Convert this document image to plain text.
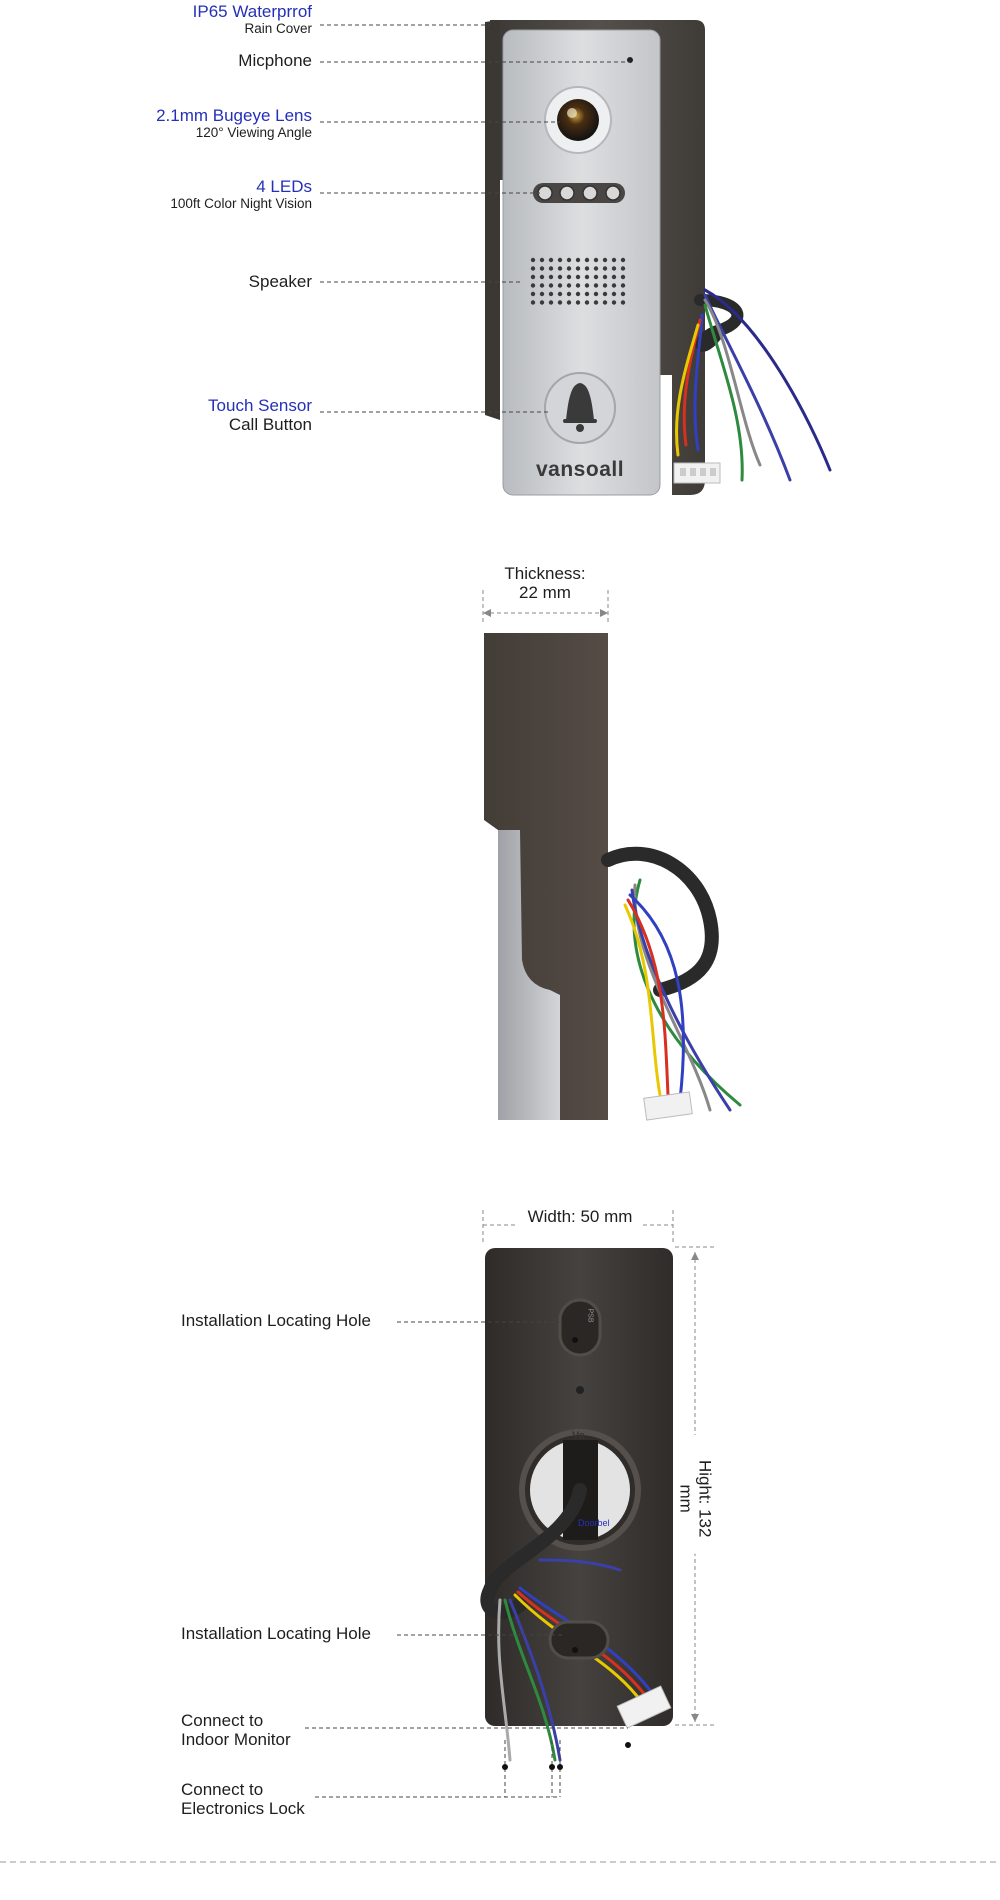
IP65 Waterprrof
Rain Cover
Micphone
2.1mm Bugeye Lens
120° Viewing Angle
4 LEDs
100ft Color Night Vision
Speaker
Touch Sensor
Call Button
vansoall
Thickness:
22 mm
Width: 50 mm
Hight: 132 mm
Va
Doorbel
PSB
Installation Locating Hole
Installation Locating Hole
Connect to
Indoor Monitor
Connect to
Electronics Lock
